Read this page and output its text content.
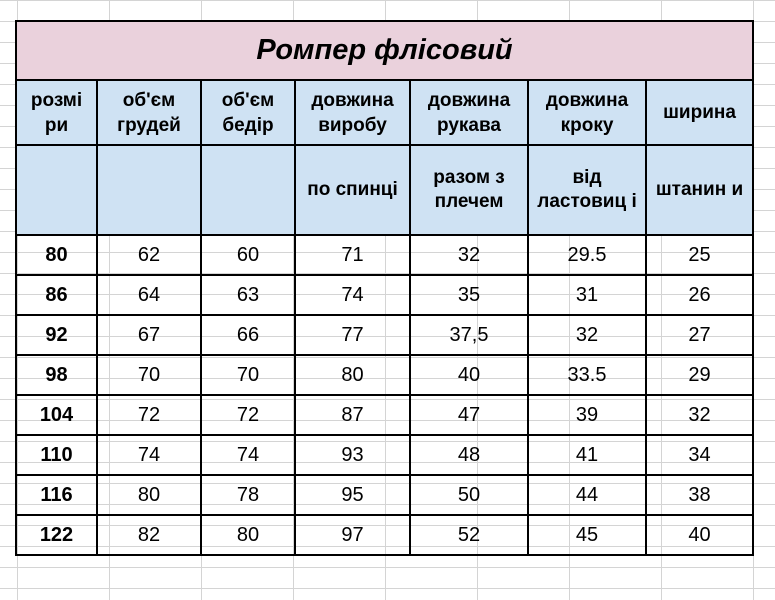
Ромпер флісовий						
розмі ри	об'єм грудей	об'єм бедір	довжина виробу	довжина рукава	довжина кроку	ширина
			по спинці	разом з плечем	від ластовиц і	штанин и
80	62	60	71	32	29.5	25
86	64	63	74	35	31	26
92	67	66	77	37,5	32	27
98	70	70	80	40	33.5	29
104	72	72	87	47	39	32
110	74	74	93	48	41	34
116	80	78	95	50	44	38
122	82	80	97	52	45	40
